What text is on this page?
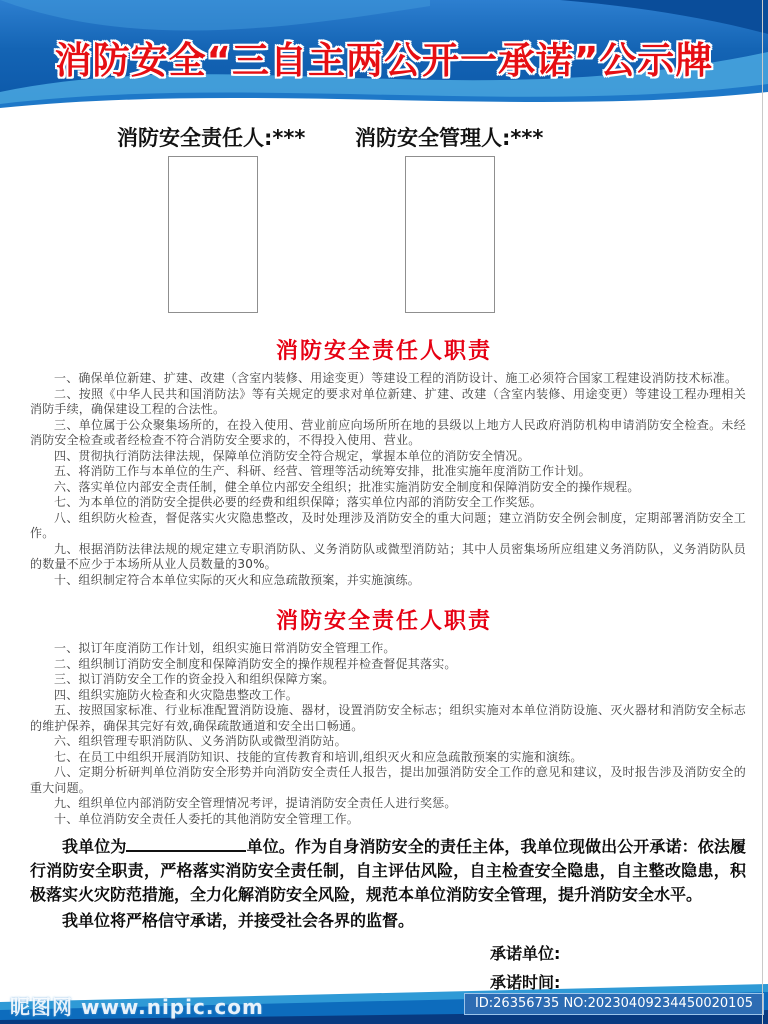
消防安全“三自主两公开一承诺”公示牌
消防安全责任人:*** 消防安全管理人:***
消防安全责任人职责
一、确保单位新建、扩建、改建（含室内装修、用途变更）等建设工程的消防设计、施工必须符合国家工程建设消防技术标准。
二、按照《中华人民共和国消防法》等有关规定的要求对单位新建、扩建、改建（含室内装修、用途变更）等建设工程办理相关消防手续，确保建设工程的合法性。
三、单位属于公众聚集场所的，在投入使用、营业前应向场所所在地的县级以上地方人民政府消防机构申请消防安全检查。未经消防安全检查或者经检查不符合消防安全要求的，不得投入使用、营业。
四、贯彻执行消防法律法规，保障单位消防安全符合规定，掌握本单位的消防安全情况。
五、将消防工作与本单位的生产、科研、经营、管理等活动统筹安排，批准实施年度消防工作计划。
六、落实单位内部安全责任制，健全单位内部安全组织；批准实施消防安全制度和保障消防安全的操作规程。
七、为本单位的消防安全提供必要的经费和组织保障；落实单位内部的消防安全工作奖惩。
八、组织防火检查，督促落实火灾隐患整改，及时处理涉及消防安全的重大问题；建立消防安全例会制度，定期部署消防安全工作。
九、根据消防法律法规的规定建立专职消防队、义务消防队或微型消防站；其中人员密集场所应组建义务消防队，义务消防队员的数量不应少于本场所从业人员数量的30%。
十、组织制定符合本单位实际的灭火和应急疏散预案，并实施演练。
消防安全责任人职责
一、拟订年度消防工作计划，组织实施日常消防安全管理工作。
二、组织制订消防安全制度和保障消防安全的操作规程并检查督促其落实。
三、拟订消防安全工作的资金投入和组织保障方案。
四、组织实施防火检查和火灾隐患整改工作。
五、按照国家标准、行业标准配置消防设施、器材，设置消防安全标志；组织实施对本单位消防设施、灭火器材和消防安全标志的维护保养，确保其完好有效,确保疏散通道和安全出口畅通。
六、组织管理专职消防队、义务消防队或微型消防站。
七、在员工中组织开展消防知识、技能的宣传教育和培训,组织灭火和应急疏散预案的实施和演练。
八、定期分析研判单位消防安全形势并向消防安全责任人报告，提出加强消防安全工作的意见和建议，及时报告涉及消防安全的重大问题。
九、组织单位内部消防安全管理情况考评，提请消防安全责任人进行奖惩。
十、单位消防安全责任人委托的其他消防安全管理工作。

我单位为	单位。作为自身消防安全的责任主体，我单位现做出公开承诺：依法履行消防安全职责，严格落实消防安全责任制，自主评估风险，自主检查安全隐患，自主整改隐患，积极落实火灾防范措施，全力化解消防安全风险，规范本单位消防安全管理，提升消防安全水平。

我单位将严格信守承诺，并接受社会各界的监督。

承诺单位:
承诺时间:
昵图网 www.nipic.com	ID:26356735 NO:20230409234450020105
